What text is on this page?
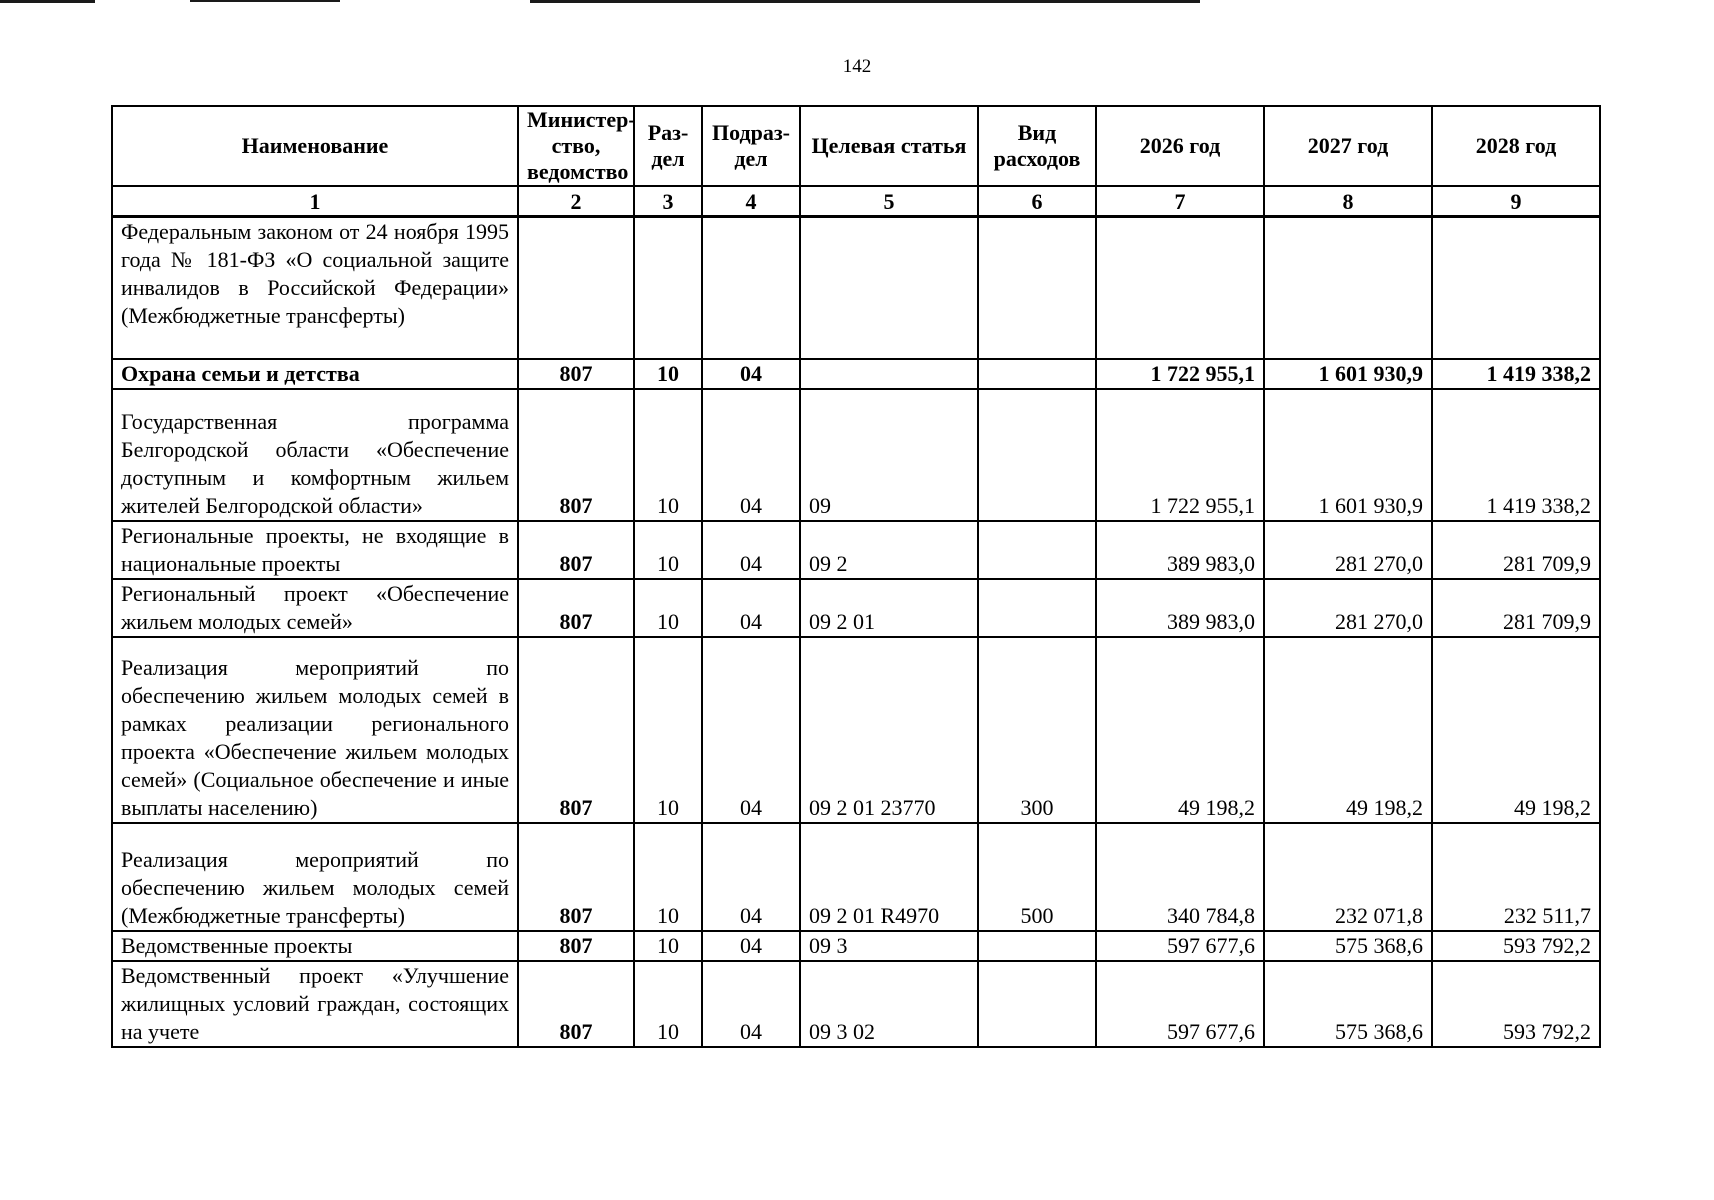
142
Наименование	Министер-ство, ведомство	Раз-дел	Подраз-дел	Целевая статья	Вид расходов	2026 год	2027 год	2028 год
1	2	3	4	5	6	7	8	9
Федеральным законом от 24 ноября 1995 года № 181-ФЗ «О социальной защите инвалидов в Российской Федерации» (Межбюджетные трансферты)								
Охрана семьи и детства	807	10	04			1 722 955,1	1 601 930,9	1 419 338,2
Государственная программа Белгородской области «Обеспечение доступным и комфортным жильем жителей Белгородской области»	807	10	04	09		1 722 955,1	1 601 930,9	1 419 338,2
Региональные проекты, не входящие в национальные проекты	807	10	04	09 2		389 983,0	281 270,0	281 709,9
Региональный проект «Обеспечение жильем молодых семей»	807	10	04	09 2 01		389 983,0	281 270,0	281 709,9
Реализация мероприятий по обеспечению жильем молодых семей в рамках реализации регионального проекта «Обеспечение жильем молодых семей» (Социальное обеспечение и иные выплаты населению)	807	10	04	09 2 01 23770	300	49 198,2	49 198,2	49 198,2
Реализация мероприятий по обеспечению жильем молодых семей (Межбюджетные трансферты)	807	10	04	09 2 01 R4970	500	340 784,8	232 071,8	232 511,7
Ведомственные проекты	807	10	04	09 3		597 677,6	575 368,6	593 792,2
Ведомственный проект «Улучшение жилищных условий граждан, состоящих на учете	807	10	04	09 3 02		597 677,6	575 368,6	593 792,2
